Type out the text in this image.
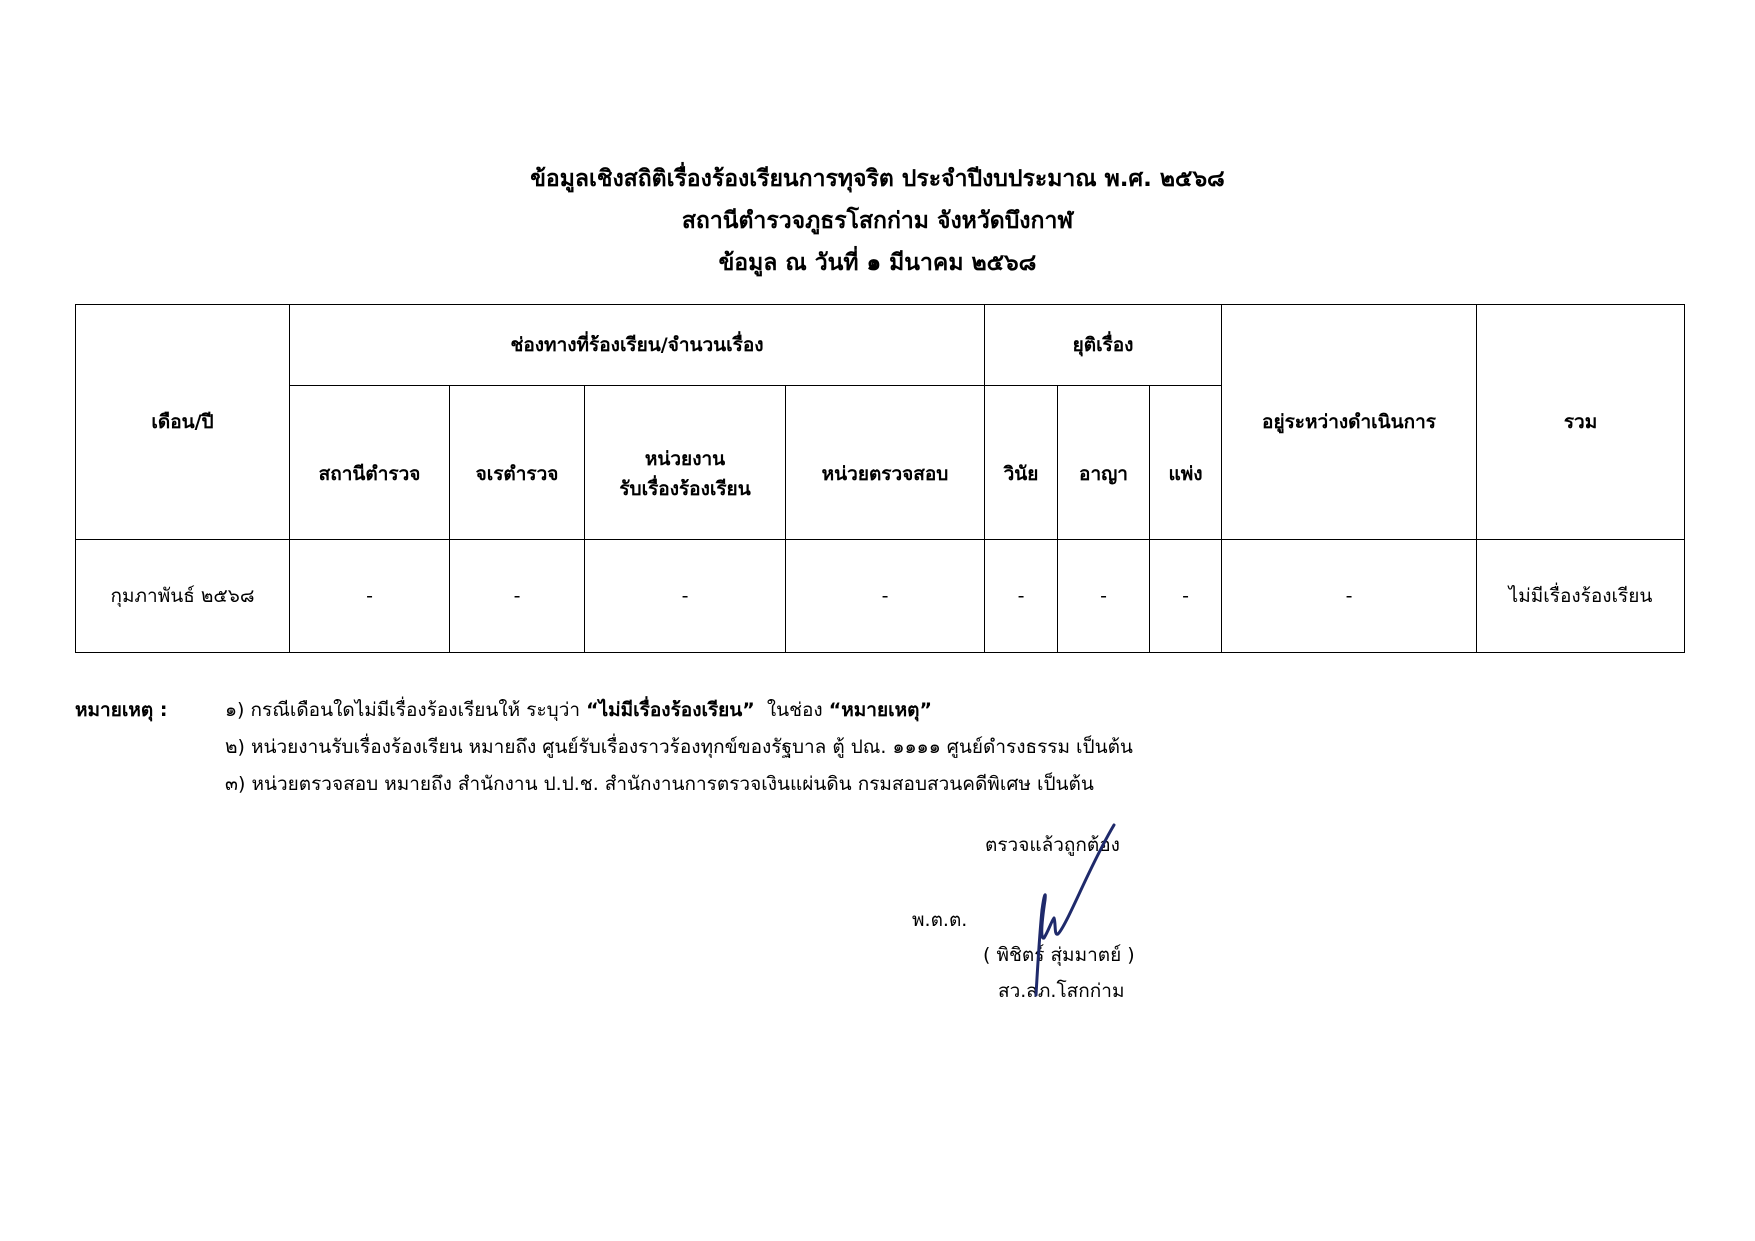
ข้อมูลเชิงสถิติเรื่องร้องเรียนการทุจริต ประจำปีงบประมาณ พ.ศ. ๒๕๖๘
สถานีตำรวจภูธรโสกก่าม จังหวัดบึงกาฬ
ข้อมูล ณ วันที่ ๑ มีนาคม ๒๕๖๘
เดือน/ปี	ช่องทางที่ร้องเรียน/จำนวนเรื่อง				ยุติเรื่อง			อยู่ระหว่างดำเนินการ	รวม
	สถานีตำรวจ	จเรตำรวจ	หน่วยงาน
รับเรื่องร้องเรียน	หน่วยตรวจสอบ	วินัย	อาญา	แพ่ง		
กุมภาพันธ์ ๒๕๖๘	-	-	-	-	-	-	-	-	ไม่มีเรื่องร้องเรียน
หมายเหตุ :	๑) กรณีเดือนใดไม่มีเรื่องร้องเรียนให้ ระบุว่า “ไม่มีเรื่องร้องเรียน”  ในช่อง “หมายเหตุ”
๒) หน่วยงานรับเรื่องร้องเรียน หมายถึง ศูนย์รับเรื่องราวร้องทุกข์ของรัฐบาล ตู้ ปณ. ๑๑๑๑ ศูนย์ดำรงธรรม เป็นต้น
๓) หน่วยตรวจสอบ หมายถึง สำนักงาน ป.ป.ช. สำนักงานการตรวจเงินแผ่นดิน กรมสอบสวนคดีพิเศษ เป็นต้น
ตรวจแล้วถูกต้อง
พ.ต.ต.
( พิชิตร์ สุ่มมาตย์ )
สว.สภ.โสกก่าม
